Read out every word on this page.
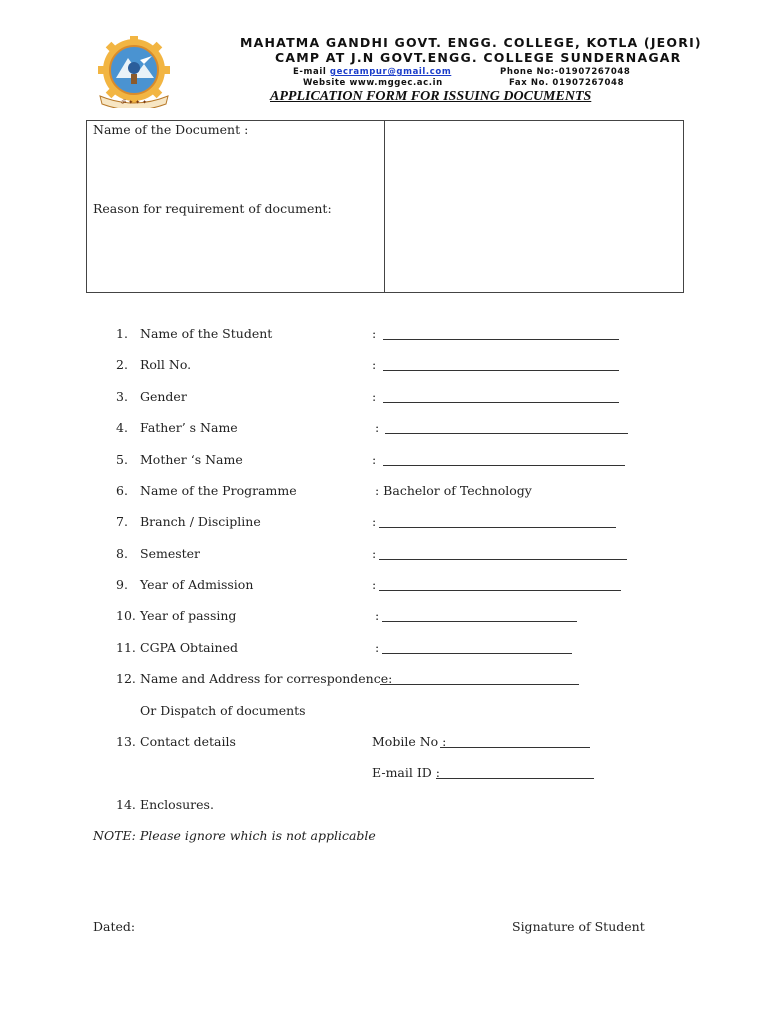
ॐ ✦ ✦ ✦
MAHATMA GANDHI GOVT. ENGG. COLLEGE, KOTLA (JEORI)
CAMP AT J.N GOVT.ENGG. COLLEGE SUNDERNAGAR
E-mail gecrampur@gmail.com	Phone No:-01907267048
Website www.mggec.ac.in	Fax No. 01907267048
APPLICATION FORM FOR ISSUING DOCUMENTS
Name of the Document :
Reason for requirement of document:
1. Name of the Student	:
2. Roll No.	:
3. Gender	:
4. Father’ s Name	:
5. Mother ‘s Name	:
6. Name of the Programme	: Bachelor of Technology
7. Branch / Discipline	:
8. Semester	:
9. Year of Admission	:
10. Year of passing	:
11. CGPA Obtained	:
12. Name and Address for correspondence:
Or Dispatch of documents
13. Contact details	Mobile No :
E-mail ID :
14. Enclosures.
NOTE: Please ignore which is not applicable
Dated:	Signature of Student
